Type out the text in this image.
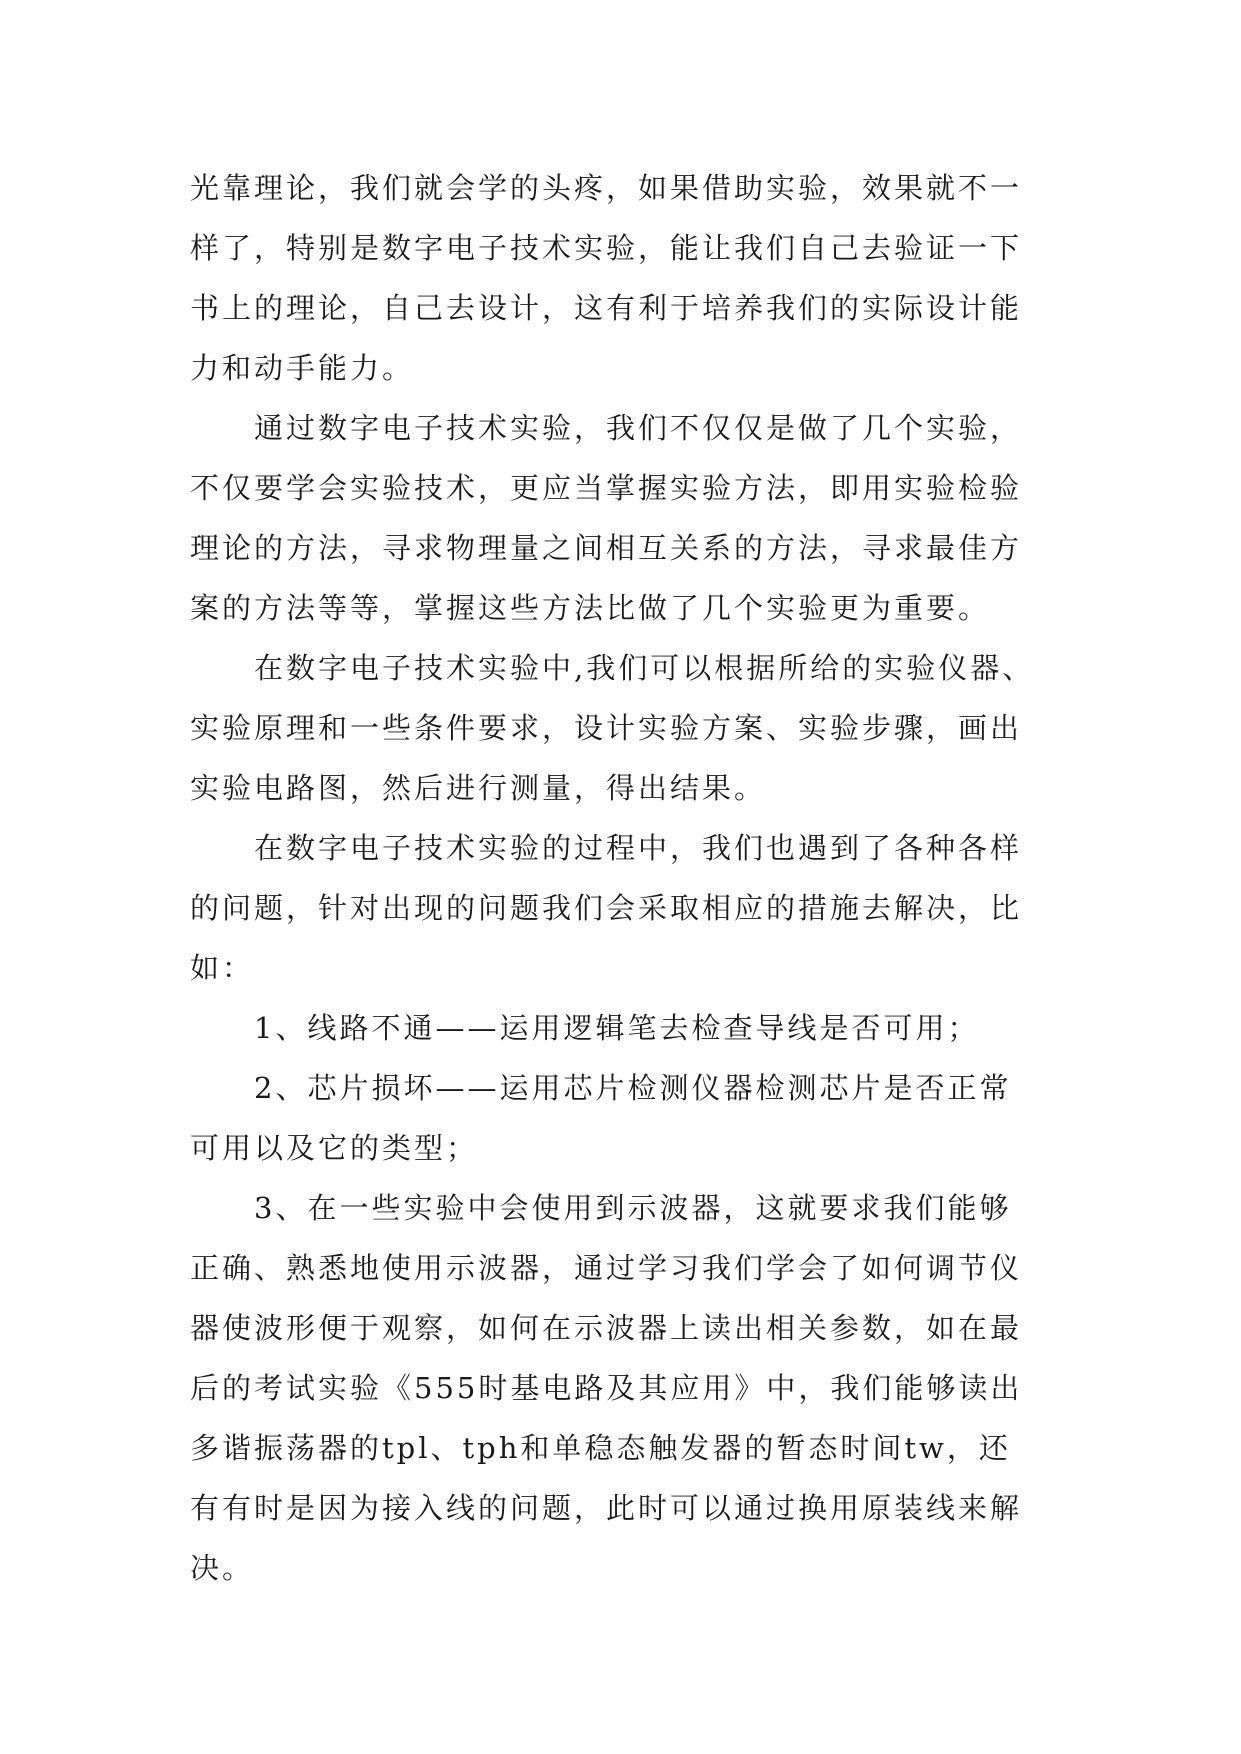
光靠理论，我们就会学的头疼，如果借助实验，效果就不一
样了，特别是数字电子技术实验，能让我们自己去验证一下
书上的理论，自己去设计，这有利于培养我们的实际设计能
力和动手能力。
通过数字电子技术实验，我们不仅仅是做了几个实验，
不仅要学会实验技术，更应当掌握实验方法，即用实验检验
理论的方法，寻求物理量之间相互关系的方法，寻求最佳方
案的方法等等，掌握这些方法比做了几个实验更为重要。
在数字电子技术实验中,我们可以根据所给的实验仪器、
实验原理和一些条件要求，设计实验方案、实验步骤，画出
实验电路图，然后进行测量，得出结果。
在数字电子技术实验的过程中，我们也遇到了各种各样
的问题，针对出现的问题我们会采取相应的措施去解决，比
如：
1、线路不通——运用逻辑笔去检查导线是否可用；
2、芯片损坏——运用芯片检测仪器检测芯片是否正常
可用以及它的类型；
3、在一些实验中会使用到示波器，这就要求我们能够
正确、熟悉地使用示波器，通过学习我们学会了如何调节仪
器使波形便于观察，如何在示波器上读出相关参数，如在最
后的考试实验《555时基电路及其应用》中，我们能够读出
多谐振荡器的tpl、tph和单稳态触发器的暂态时间tw，还
有有时是因为接入线的问题，此时可以通过换用原装线来解
决。
